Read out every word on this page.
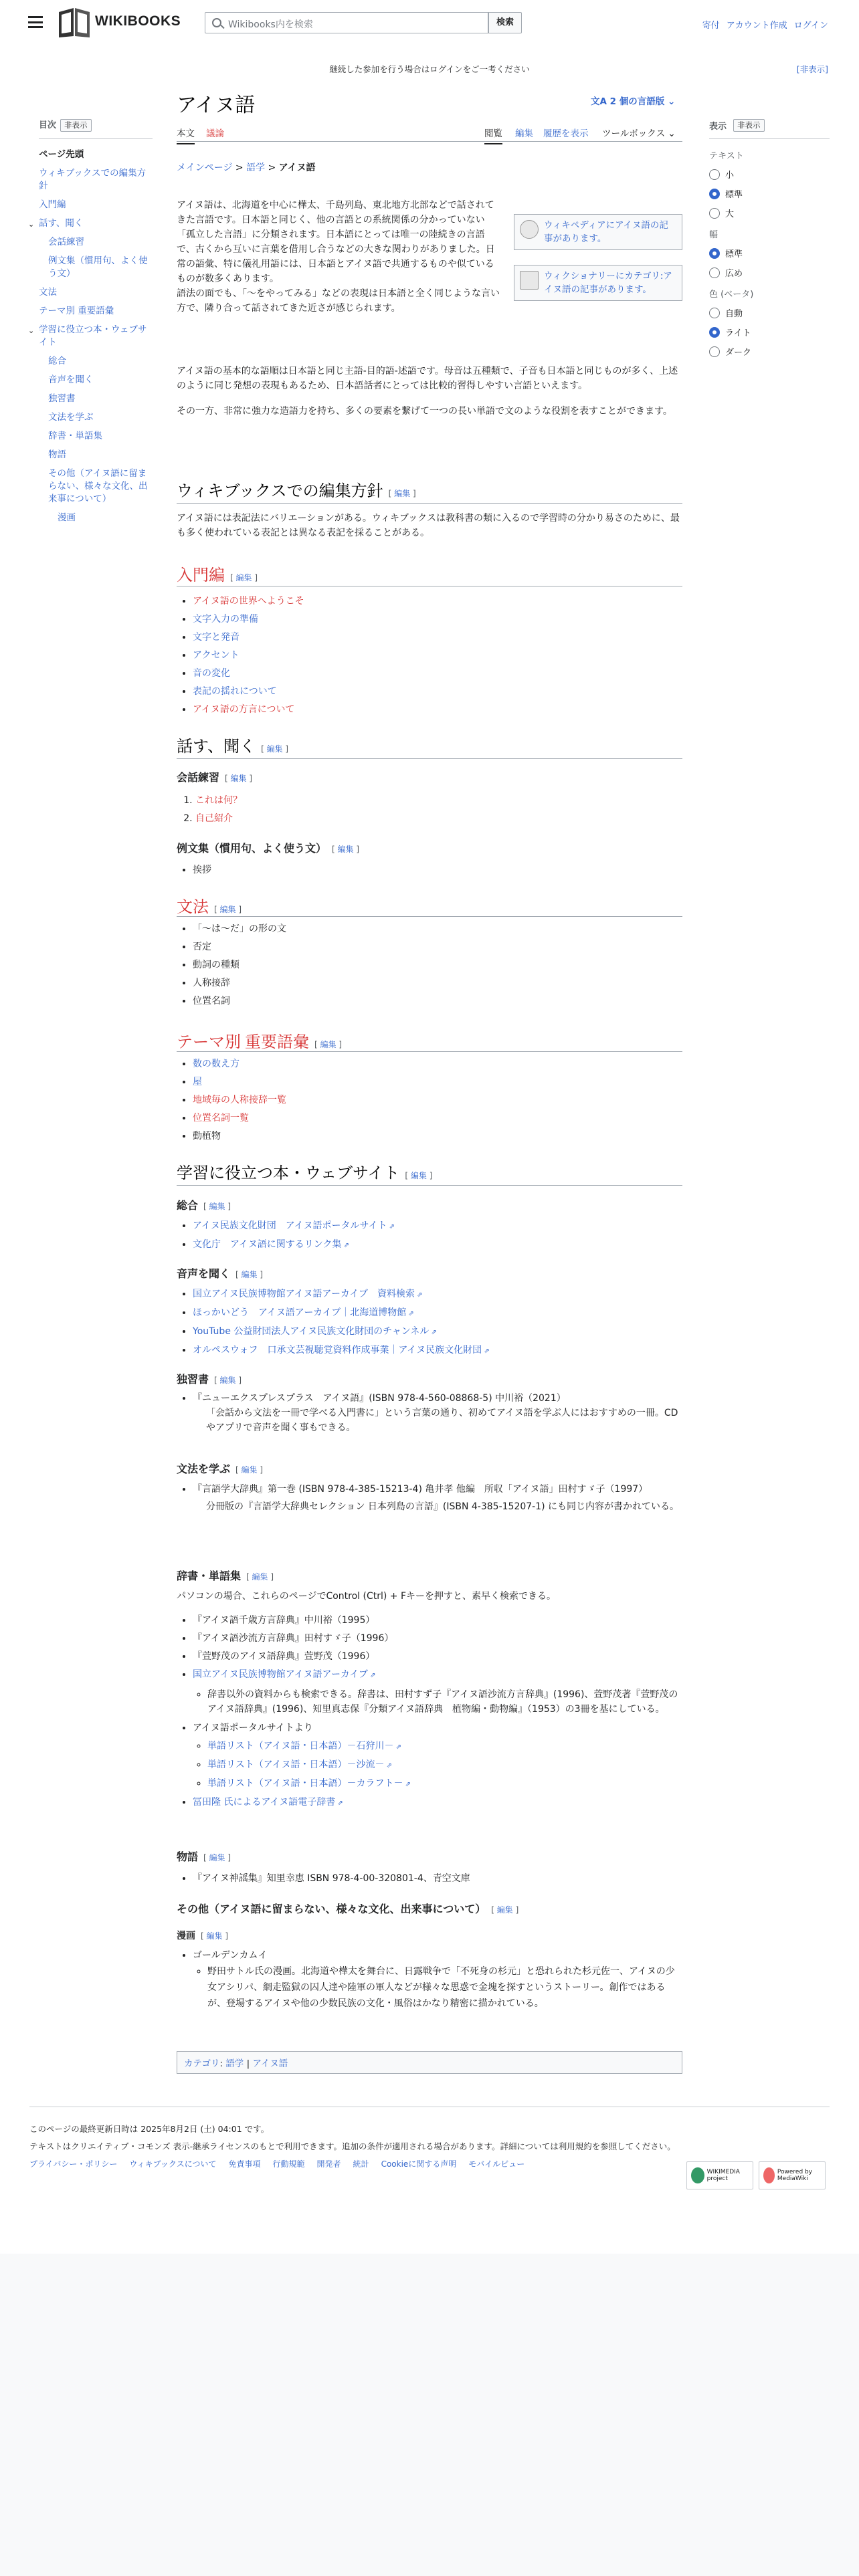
WIKIBOOKS	Wikibooks内を検索	検索	寄付 アカウント作成 ログイン
継続した参加を行う場合はログインをご一考ください	[非表示]
目次	非表示
ページ先頭
ウィキブックスでの編集方針
入門編
⌄ 話す、聞く
会話練習
例文集（慣用句、よく使う文）
文法
テーマ別 重要語彙
⌄ 学習に役立つ本・ウェブサイト
総合
音声を聞く
独習書
文法を学ぶ
辞書・単語集
物語
その他（アイヌ語に留まらない、様々な文化、出来事について）
漫画
アイヌ語	文A 2 個の言語版 ⌄
本文 議論	閲覧 編集 履歴を表示 ツールボックス ⌄
メインページ > 語学 > アイヌ語
ウィキペディアにアイヌ語の記事があります。
ウィクショナリーにカテゴリ:アイヌ語の記事があります。

アイヌ語は、北海道を中心に樺太、千島列島、東北地方北部などで話されてきた言語です。日本語と同じく、他の言語との系統関係の分かっていない「孤立した言語」に分類されます。日本語にとっては唯一の陸続きの言語で、古くから互いに言葉を借用し合うなどの大きな関わりがありました。日常の語彙、特に儀礼用語には、日本語とアイヌ語で共通するものや似ているものが数多くあります。

語法の面でも、「〜をやってみる」などの表現は日本語と全く同じような言い方で、隣り合って話されてきた近さが感じられます。

アイヌ語の基本的な語順は日本語と同じ主語-目的語-述語です。母音は五種類で、子音も日本語と同じものが多く、上述のように同じ発想の表現もあるため、日本語話者にとっては比較的習得しやすい言語といえます。

その一方、非常に強力な造語力を持ち、多くの要素を繋げて一つの長い単語で文のような役割を表すことができます。

ウィキブックスでの編集方針 [ 編集 ]
アイヌ語には表記法にバリエーションがある。ウィキブックスは教科書の類に入るので学習時の分かり易さのために、最も多く使われている表記とは異なる表記を採ることがある。
入門編 [ 編集 ]
• アイヌ語の世界へようこそ
• 文字入力の準備
• 文字と発音
• アクセント
• 音の変化
• 表記の揺れについて
• アイヌ語の方言について
話す、聞く [ 編集 ]
会話練習 [ 編集 ]
1. これは何？
2. 自己紹介
例文集（慣用句、よく使う文） [ 編集 ]
• 挨拶
文法 [ 編集 ]
• 「〜は〜だ」の形の文
• 否定
• 動詞の種類
• 人称接辞
• 位置名詞
テーマ別 重要語彙 [ 編集 ]
• 数の数え方
• 屋
• 地域毎の人称接辞一覧
• 位置名詞一覧
• 動植物
学習に役立つ本・ウェブサイト [ 編集 ]
総合 [ 編集 ]
• アイヌ民族文化財団　アイヌ語ポータルサイト ⇗
• 文化庁　アイヌ語に関するリンク集 ⇗
音声を聞く [ 編集 ]
• 国立アイヌ民族博物館アイヌ語アーカイブ　資料検索 ⇗
• ほっかいどう　アイヌ語アーカイブ｜北海道博物館 ⇗
• YouTube 公益財団法人アイヌ民族文化財団のチャンネル ⇗
• オルペスウォフ　口承文芸視聴覚資料作成事業｜アイヌ民族文化財団 ⇗
独習書 [ 編集 ]
• 『ニューエクスプレスプラス　アイヌ語』(ISBN 978-4-560-08868-5) 中川裕（2021）
「会話から文法を一冊で学べる入門書に」という言葉の通り、初めてアイヌ語を学ぶ人にはおすすめの一冊。CDやアプリで音声を聞く事もできる。
文法を学ぶ [ 編集 ]
• 『言語学大辞典』第一巻 (ISBN 978-4-385-15213-4) 亀井孝 他編　所収「アイヌ語」田村すゞ子（1997）
分冊版の『言語学大辞典セレクション 日本列島の言語』(ISBN 4-385-15207-1) にも同じ内容が書かれている。
辞書・単語集 [ 編集 ]
パソコンの場合、これらのページでControl (Ctrl) + Fキーを押すと、素早く検索できる。
• 『アイヌ語千歳方言辞典』中川裕（1995）
• 『アイヌ語沙流方言辞典』田村すゞ子（1996）
• 『萱野茂のアイヌ語辞典』萱野茂（1996）
• 国立アイヌ民族博物館アイヌ語アーカイブ ⇗
◦ 辞書以外の資料からも検索できる。辞書は、田村すず子『アイヌ語沙流方言辞典』(1996)、萱野茂著『萱野茂のアイヌ語辞典』(1996)、知里真志保『分類アイヌ語辞典　植物編・動物編』（1953）の3冊を基にしている。
• アイヌ語ポータルサイトより
◦ 単語リスト（アイヌ語・日本語）－石狩川－ ⇗
◦ 単語リスト（アイヌ語・日本語）－沙流－ ⇗
◦ 単語リスト（アイヌ語・日本語）－カラフト－ ⇗
• 冨田隆 氏によるアイヌ語電子辞書 ⇗
物語 [ 編集 ]
• 『アイヌ神謡集』知里幸恵 ISBN 978-4-00-320801-4、青空文庫
その他（アイヌ語に留まらない、様々な文化、出来事について） [ 編集 ]
漫画 [ 編集 ]
• ゴールデンカムイ
◦ 野田サトル氏の漫画。北海道や樺太を舞台に、日露戦争で「不死身の杉元」と恐れられた杉元佐一、アイヌの少女アシリパ、網走監獄の囚人達や陸軍の軍人などが様々な思惑で金塊を探すというストーリー。創作ではあるが、登場するアイヌや他の少数民族の文化・風俗はかなり精密に描かれている。
カテゴリ: 語学 | アイヌ語
表示	非表示
テキスト
小
標準
大
幅
標準
広め
色 (ベータ)
自動
ライト
ダーク
このページの最終更新日時は 2025年8月2日 (土) 04:01 です。
テキストはクリエイティブ・コモンズ 表示-継承ライセンスのもとで利用できます。追加の条件が適用される場合があります。詳細については利用規約を参照してください。
プライバシー・ポリシー ウィキブックスについて 免責事項 行動規範 開発者 統計 Cookieに関する声明 モバイルビュー
WIKIMEDIA project
Powered by MediaWiki
